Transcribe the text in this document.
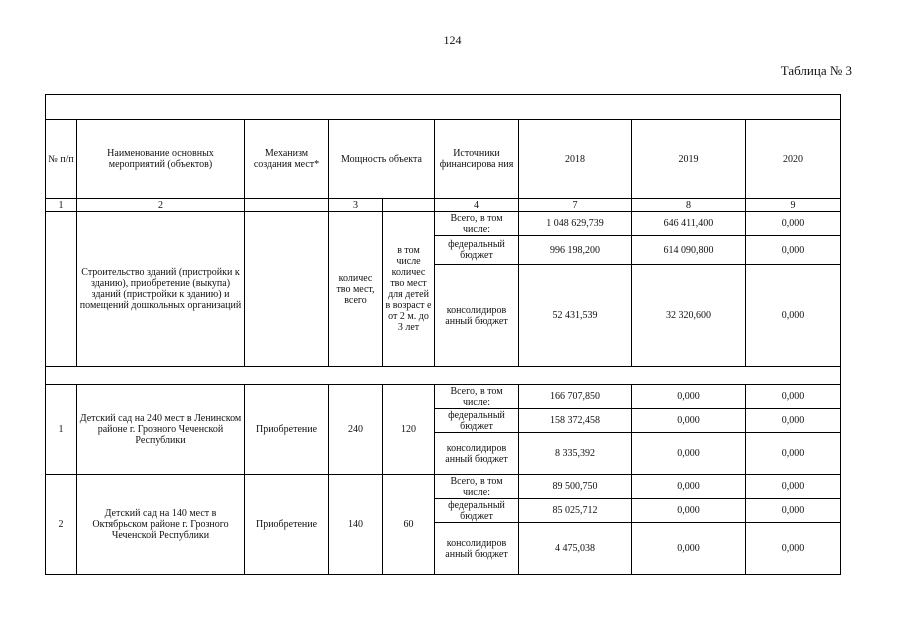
124
Таблица № 3

№ п/п	Наименование основных мероприятий (объектов)	Механизм создания мест*	Мощность объекта		Источники финансирова ния	2018	2019	2020
1	2		3		4	7	8	9
	Строительство зданий (пристройки к зданию), приобретение (выкупа) зданий (пристройки к зданию) и помещений дошкольных организаций		количес тво мест, всего	в том числе количес тво мест для детей в возраст е от 2 м. до 3 лет	Всего, в том числе:	1 048 629,739	646 411,400	0,000
					федеральный бюджет	996 198,200	614 090,800	0,000
					консолидиров анный бюджет	52 431,539	32 320,600	0,000

1	Детский сад на 240 мест в Ленинском районе г. Грозного Чеченской Республики	Приобретение	240	120	Всего, в том числе:	166 707,850	0,000	0,000
					федеральный бюджет	158 372,458	0,000	0,000
					консолидиров анный бюджет	8 335,392	0,000	0,000
2	Детский сад на 140 мест в Октябрьском районе г. Грозного Чеченской Республики	Приобретение	140	60	Всего, в том числе:	89 500,750	0,000	0,000
					федеральный бюджет	85 025,712	0,000	0,000
					консолидиров анный бюджет	4 475,038	0,000	0,000
